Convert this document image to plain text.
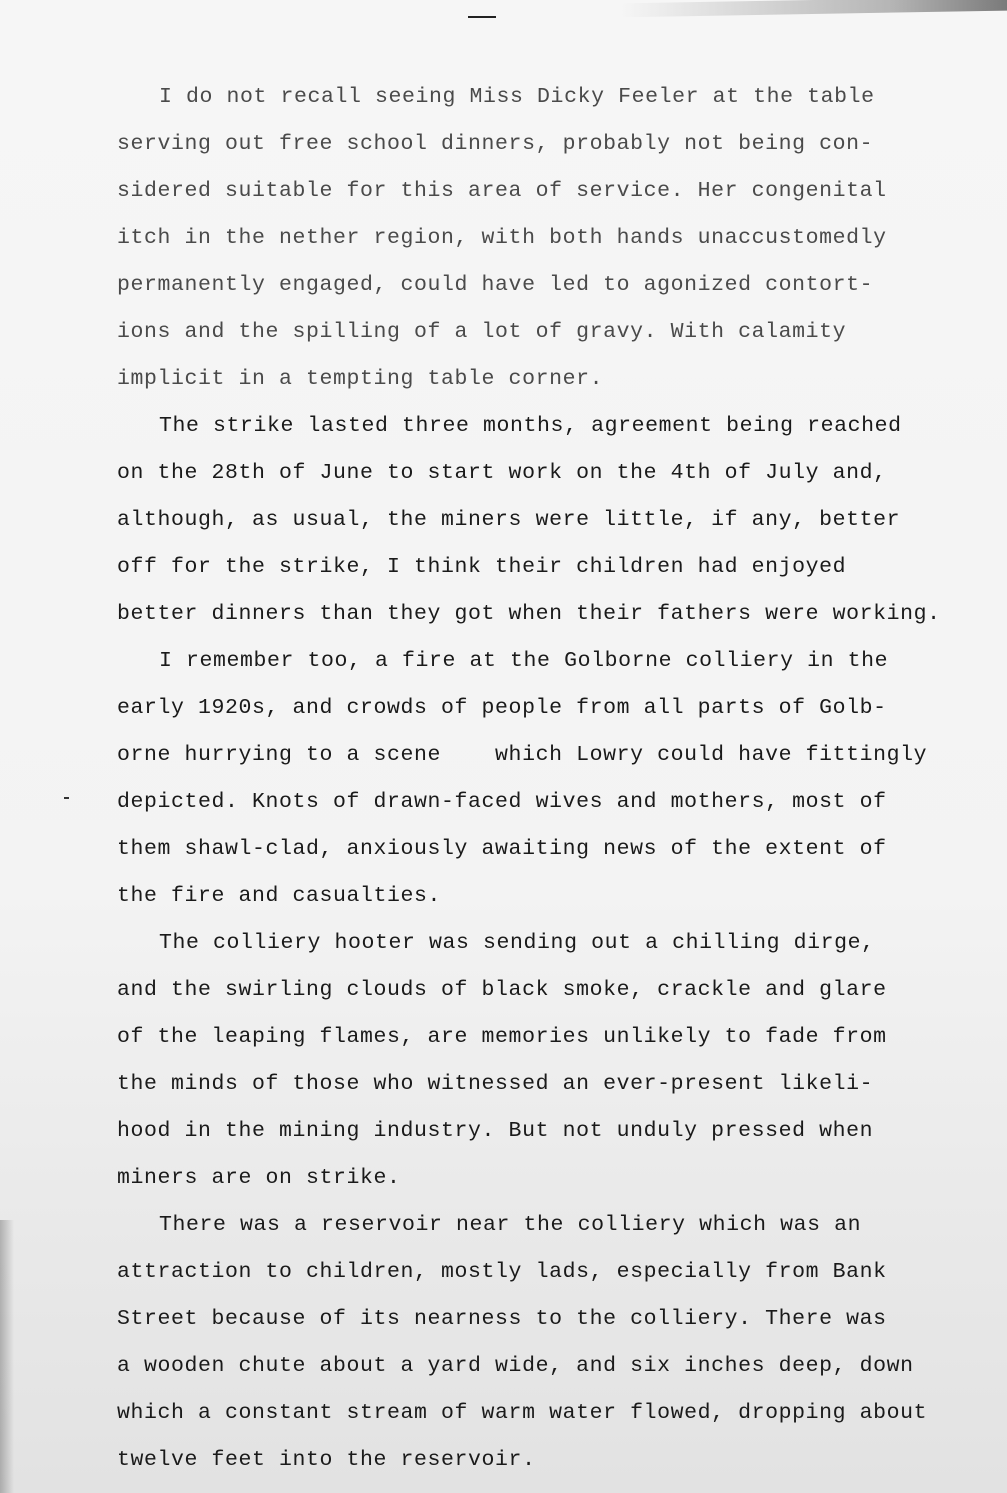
I do not recall seeing Miss Dicky Feeler at the table
serving out free school dinners, probably not being con-
sidered suitable for this area of service. Her congenital
itch in the nether region, with both hands unaccustomedly
permanently engaged, could have led to agonized contort-
ions and the spilling of a lot of gravy. With calamity
implicit in a tempting table corner.

The strike lasted three months, agreement being reached
on the 28th of June to start work on the 4th of July and,
although, as usual, the miners were little, if any, better
off for the strike, I think their children had enjoyed
better dinners than they got when their fathers were working.

I remember too, a fire at the Golborne colliery in the
early 1920s, and crowds of people from all parts of Golb-
orne hurrying to a scene    which Lowry could have fittingly
depicted. Knots of drawn-faced wives and mothers, most of
them shawl-clad, anxiously awaiting news of the extent of
the fire and casualties.

The colliery hooter was sending out a chilling dirge,
and the swirling clouds of black smoke, crackle and glare
of the leaping flames, are memories unlikely to fade from
the minds of those who witnessed an ever-present likeli-
hood in the mining industry. But not unduly pressed when
miners are on strike.

There was a reservoir near the colliery which was an
attraction to children, mostly lads, especially from Bank
Street because of its nearness to the colliery. There was
a wooden chute about a yard wide, and six inches deep, down
which a constant stream of warm water flowed, dropping about
twelve feet into the reservoir.
